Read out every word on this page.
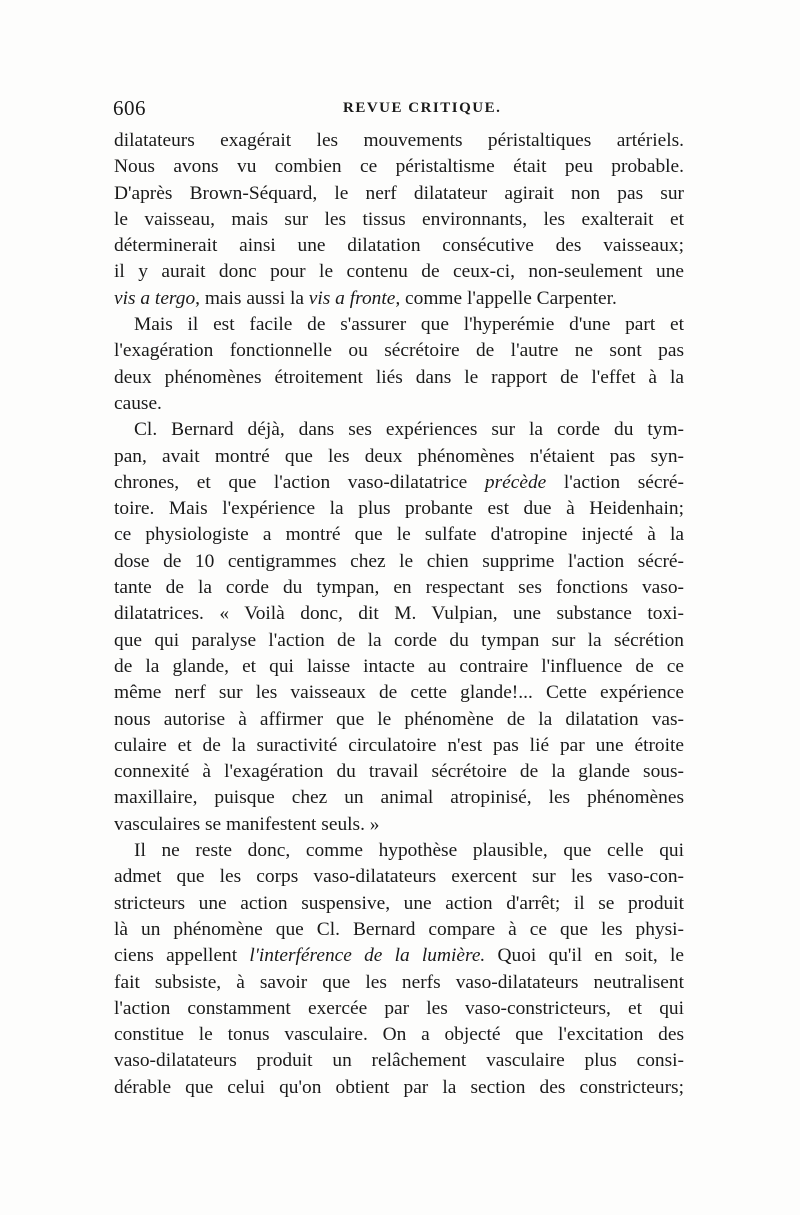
606	REVUE CRITIQUE.
dilatateurs exagérait les mouvements péristaltiques artériels.
Nous avons vu combien ce péristaltisme était peu probable.
D'après Brown-Séquard, le nerf dilatateur agirait non pas sur
le vaisseau, mais sur les tissus environnants, les exalterait et
déterminerait ainsi une dilatation consécutive des vaisseaux;
il y aurait donc pour le contenu de ceux-ci, non-seulement une
vis a tergo, mais aussi la vis a fronte, comme l'appelle Carpenter.
Mais il est facile de s'assurer que l'hyperémie d'une part et
l'exagération fonctionnelle ou sécrétoire de l'autre ne sont pas
deux phénomènes étroitement liés dans le rapport de l'effet à la
cause.
Cl. Bernard déjà, dans ses expériences sur la corde du tym-
pan, avait montré que les deux phénomènes n'étaient pas syn-
chrones, et que l'action vaso-dilatatrice précède l'action sécré-
toire. Mais l'expérience la plus probante est due à Heidenhain;
ce physiologiste a montré que le sulfate d'atropine injecté à la
dose de 10 centigrammes chez le chien supprime l'action sécré-
tante de la corde du tympan, en respectant ses fonctions vaso-
dilatatrices. « Voilà donc, dit M. Vulpian, une substance toxi-
que qui paralyse l'action de la corde du tympan sur la sécrétion
de la glande, et qui laisse intacte au contraire l'influence de ce
même nerf sur les vaisseaux de cette glande!... Cette expérience
nous autorise à affirmer que le phénomène de la dilatation vas-
culaire et de la suractivité circulatoire n'est pas lié par une étroite
connexité à l'exagération du travail sécrétoire de la glande sous-
maxillaire, puisque chez un animal atropinisé, les phénomènes
vasculaires se manifestent seuls. »
Il ne reste donc, comme hypothèse plausible, que celle qui
admet que les corps vaso-dilatateurs exercent sur les vaso-con-
stricteurs une action suspensive, une action d'arrêt; il se produit
là un phénomène que Cl. Bernard compare à ce que les physi-
ciens appellent l'interférence de la lumière. Quoi qu'il en soit, le
fait subsiste, à savoir que les nerfs vaso-dilatateurs neutralisent
l'action constamment exercée par les vaso-constricteurs, et qui
constitue le tonus vasculaire. On a objecté que l'excitation des
vaso-dilatateurs produit un relâchement vasculaire plus consi-
dérable que celui qu'on obtient par la section des constricteurs;
